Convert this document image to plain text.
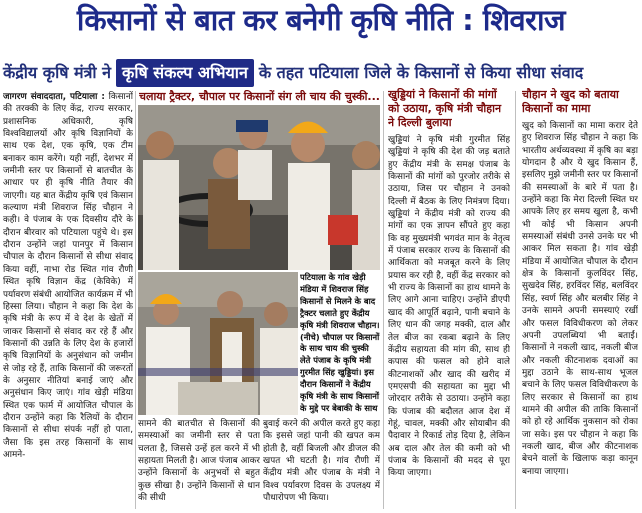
किसानों से बात कर बनेगी कृषि नीति : शिवराज
केंद्रीय कृषि मंत्री ने कृषि संकल्प अभियान के तहत पटियाला जिले के किसानों से किया सीधा संवाद
जागरण संवाददाता, पटियाला : किसानों की तरक्की के लिए केंद्र, राज्य सरकार, प्रशासनिक अधिकारी, कृषि विश्वविद्यालयों और कृषि विज्ञानियों के साथ एक देश, एक कृषि, एक टीम बनाकर काम करेंगे। यही नहीं, देशभर में जमीनी स्तर पर किसानों से बातचीत के आधार पर ही कृषि नीति तैयार की जाएगी। यह बात केंद्रीय कृषि एवं किसान कल्याण मंत्री शिवराज सिंह चौहान ने कही। वे पंजाब के एक दिवसीय दौरे के दौरान बीरवार को पटियाला पहुंचे थे। इस दौरान उन्होंने जहां पानपुर में किसान चौपाल के दौरान किसानों से सीधा संवाद किया वहीं, नाभा रोड स्थित गांव रौणी स्थित कृषि विज्ञान केंद्र (केविके) में पर्यावरण संबंधी आयोजित कार्यक्रम में भी हिस्सा लिया। चौहान ने कहा कि देश के कृषि मंत्री के रूप में वे देश के खेतों में जाकर किसानों से संवाद कर रहे हैं और किसानों की उन्नति के लिए देश के हजारों कृषि विज्ञानियों के अनुसंधान को जमीन से जोड़ रहे हैं, ताकि किसानों की जरूरतों के अनुसार नीतियां बनाई जाएं और अनुसंधान किए जाएं। गांव खेड़ी मंडिया स्थित एक फार्म में आयोजित चौपाल के दौरान उन्होंने कहा कि रैलियों के दौरान किसानों से सीधा संपर्क नहीं हो पाता, जैसा कि इस तरह किसानों के साथ आमने-
चलाया ट्रैक्टर, चौपाल पर किसानों संग ली चाय की चुस्की...
पटियाला के गांव खेड़ी मंडिया में शिवराज सिंह किसानों से मिलने के बाद ट्रैक्टर चलाते हुए केंद्रीय कृषि मंत्री शिवराज चौहान। (नीचे) चौपाल पर किसानों के साथ चाय की चुस्की लेते पंजाब के कृषि मंत्री गुरमीत सिंह खुड्डियां। इस दौरान किसानों ने केंद्रीय कृषि मंत्री के साथ किसानों के मुद्दे पर बेबाकी के साथ
सामने की बातचीत से किसानों की समस्याओं का जमीनी स्तर से पता चलता है, जिससे उन्हें हल करने में भी सहायता मिलती है। आज पंजाब आकर उन्होंने किसानों के अनुभवों से बहुत कुछ सीखा है। उन्होंने किसानों से धान की सीधी
बुवाई करने की अपील करते हुए कहा कि इससे जहां पानी की खपत कम होती है, वहीं बिजली और डीजल की खपत भी घटती है। गांव रौणी में केंद्रीय मंत्री और पंजाब के मंत्री ने विश्व पर्यावरण दिवस के उपलक्ष्य में पौधारोपण भी किया।
खुड्डियां ने किसानों की मांगों को उठाया, कृषि मंत्री चौहान ने दिल्ली बुलाया
खुड्डियां ने कृषि मंत्री गुरमीत सिंह खुड्डियां ने कृषि की देश की जड़ बताते हुए केंद्रीय मंत्री के समक्ष पंजाब के किसानों की मांगों को पुरजोर तरीके से उठाया, जिस पर चौहान ने उनको दिल्ली में बैठक के लिए निमंत्रण दिया। खुड्डियां ने केंद्रीय मंत्री को राज्य की मांगों का एक ज्ञापन सौंपते हुए कहा कि वह मुख्यमंत्री भगवंत मान के नेतृत्व में पंजाब सरकार राज्य के किसानों की आर्थिकता को मजबूत करने के लिए प्रयास कर रही है, वहीं केंद्र सरकार को भी राज्य के किसानों का हाथ थामने के लिए आगे आना चाहिए। उन्होंने डीएपी खाद की आपूर्ति बढ़ाने, पानी बचाने के लिए धान की जगह मक्की, दाल और तेल बीज का रकबा बढ़ाने के लिए केंद्रीय सहायता की मांग की, साथ ही कपास की फसल को होने वाले कीटनाशकों और खाद की खरीद में एमएसपी की सहायता का मुद्दा भी जोरदार तरीके से उठाया। उन्होंने कहा कि पंजाब की बदौलत आज देश में गेहूं, चावल, मक्की और सोयाबीन की पैदावार ने रिकार्ड तोड़ दिया है, लेकिन अब दाल और तेल की कमी को भी पंजाब के किसानों की मदद से पूरा किया जाएगा।
चौहान ने खुद को बताया किसानों का मामा
खुद को किसानों का मामा करार देते हुए शिवराज सिंह चौहान ने कहा कि भारतीय अर्थव्यवस्था में कृषि का बड़ा योगदान है और ये खुद किसान हैं, इसलिए मुझे जमीनी स्तर पर किसानों की समस्याओं के बारे में पता है। उन्होंने कहा कि मेरा दिल्ली स्थित घर आपके लिए हर समय खुला है, कभी भी कोई भी किसान अपनी समस्याओं संबंधी उनसे उनके घर भी आकर मिल सकता है। गांव खेड़ी मंडिया में आयोजित चौपाल के दौरान क्षेत्र के किसानों कुलविंदर सिंह, सुखदेव सिंह, हरविंदर सिंह, बलविंदर सिंह, स्वर्ण सिंह और बलबीर सिंह ने उनके सामने अपनी समस्याएं रखीं और फसल विविधीकरण को लेकर अपनी उपलब्धियां भी बताईं। किसानों ने नकली खाद, नकली बीज और नकली कीटनाशक दवाओं का मुद्दा उठाने के साथ-साथ भूजल बचाने के लिए फसल विविधीकरण के लिए सरकार से किसानों का हाथ थामने की अपील की ताकि किसानों को हो रहे आर्थिक नुकसान को रोका जा सके। इस पर चौहान ने कहा कि नकली खाद, बीज और कीटनाशक बेचने वालों के खिलाफ कड़ा कानून बनाया जाएगा।
